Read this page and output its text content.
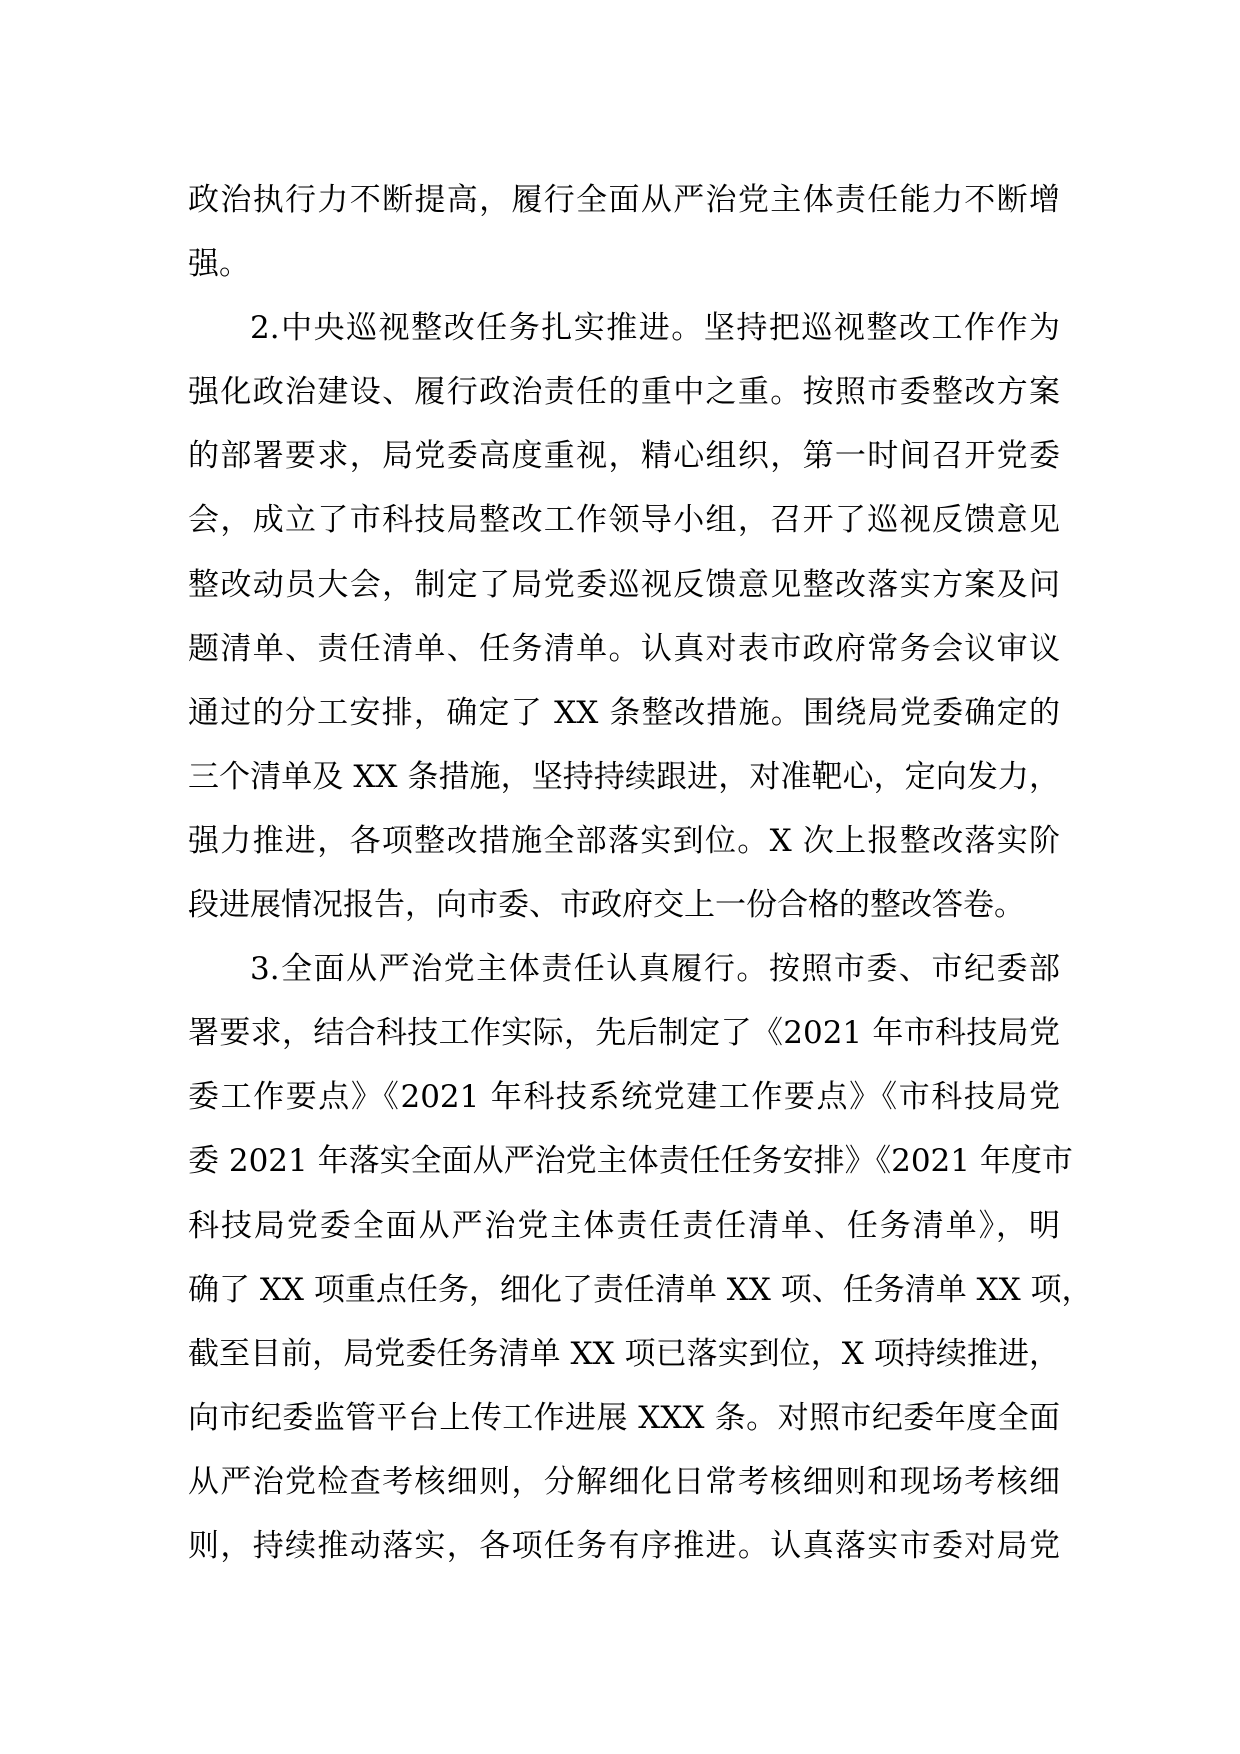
政治执行力不断提高，履行全面从严治党主体责任能力不断增
强。
2.中央巡视整改任务扎实推进。坚持把巡视整改工作作为
强化政治建设、履行政治责任的重中之重。按照市委整改方案
的部署要求，局党委高度重视，精心组织，第一时间召开党委
会，成立了市科技局整改工作领导小组，召开了巡视反馈意见
整改动员大会，制定了局党委巡视反馈意见整改落实方案及问
题清单、责任清单、任务清单。认真对表市政府常务会议审议
通过的分工安排，确定了 XX 条整改措施。围绕局党委确定的
三个清单及 XX 条措施，坚持持续跟进，对准靶心，定向发力，
强力推进，各项整改措施全部落实到位。X 次上报整改落实阶
段进展情况报告，向市委、市政府交上一份合格的整改答卷。
3.全面从严治党主体责任认真履行。按照市委、市纪委部
署要求，结合科技工作实际，先后制定了《2021 年市科技局党
委工作要点》《2021 年科技系统党建工作要点》《市科技局党
委 2021 年落实全面从严治党主体责任任务安排》《2021 年度市
科技局党委全面从严治党主体责任责任清单、任务清单》，明
确了 XX 项重点任务，细化了责任清单 XX 项、任务清单 XX 项，
截至目前，局党委任务清单 XX 项已落实到位，X 项持续推进，
向市纪委监管平台上传工作进展 XXX 条。对照市纪委年度全面
从严治党检查考核细则，分解细化日常考核细则和现场考核细
则，持续推动落实，各项任务有序推进。认真落实市委对局党
